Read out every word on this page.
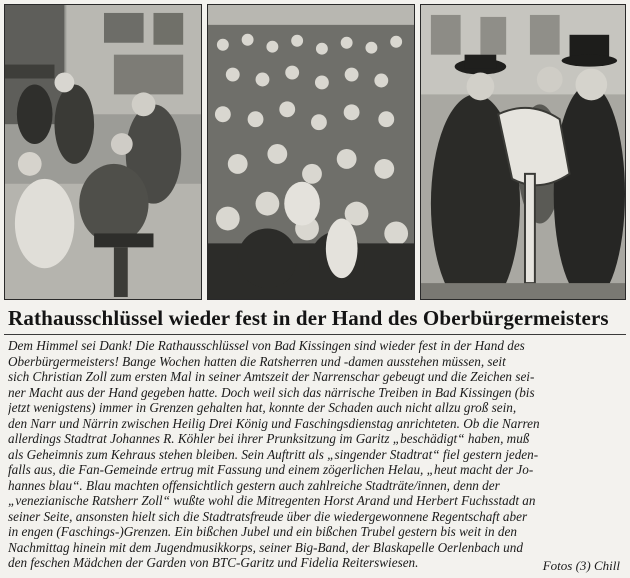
Rathausschlüssel wieder fest in der Hand des Oberbürgermeisters
Dem Himmel sei Dank! Die Rathausschlüssel von Bad Kissingen sind wieder fest in der Hand des
Oberbürgermeisters! Bange Wochen hatten die Ratsherren und -damen ausstehen müssen, seit
sich Christian Zoll zum ersten Mal in seiner Amtszeit der Narrenschar gebeugt und die Zeichen sei-
ner Macht aus der Hand gegeben hatte. Doch weil sich das närrische Treiben in Bad Kissingen (bis
jetzt wenigstens) immer in Grenzen gehalten hat, konnte der Schaden auch nicht allzu groß sein,
den Narr und Närrin zwischen Heilig Drei König und Faschingsdienstag anrichteten. Ob die Narren
allerdings Stadtrat Johannes R. Köhler bei ihrer Prunksitzung im Garitz „beschädigt“ haben, muß
als Geheimnis zum Kehraus stehen bleiben. Sein Auftritt als „singender Stadtrat“ fiel gestern jeden-
falls aus, die Fan-Gemeinde ertrug mit Fassung und einem zögerlichen Helau, „heut macht der Jo-
hannes blau“. Blau machten offensichtlich gestern auch zahlreiche Stadträte/innen, denn der
„venezianische Ratsherr Zoll“ wußte wohl die Mitregenten Horst Arand und Herbert Fuchsstadt an
seiner Seite, ansonsten hielt sich die Stadtratsfreude über die wiedergewonnene Regentschaft aber
in engen (Faschings-)Grenzen. Ein bißchen Jubel und ein bißchen Trubel gestern bis weit in den
Nachmittag hinein mit dem Jugendmusikkorps, seiner Big-Band, der Blaskapelle Oerlenbach und
den feschen Mädchen der Garden von BTC-Garitz und Fidelia Reiterswiesen.	Fotos (3) Chill
